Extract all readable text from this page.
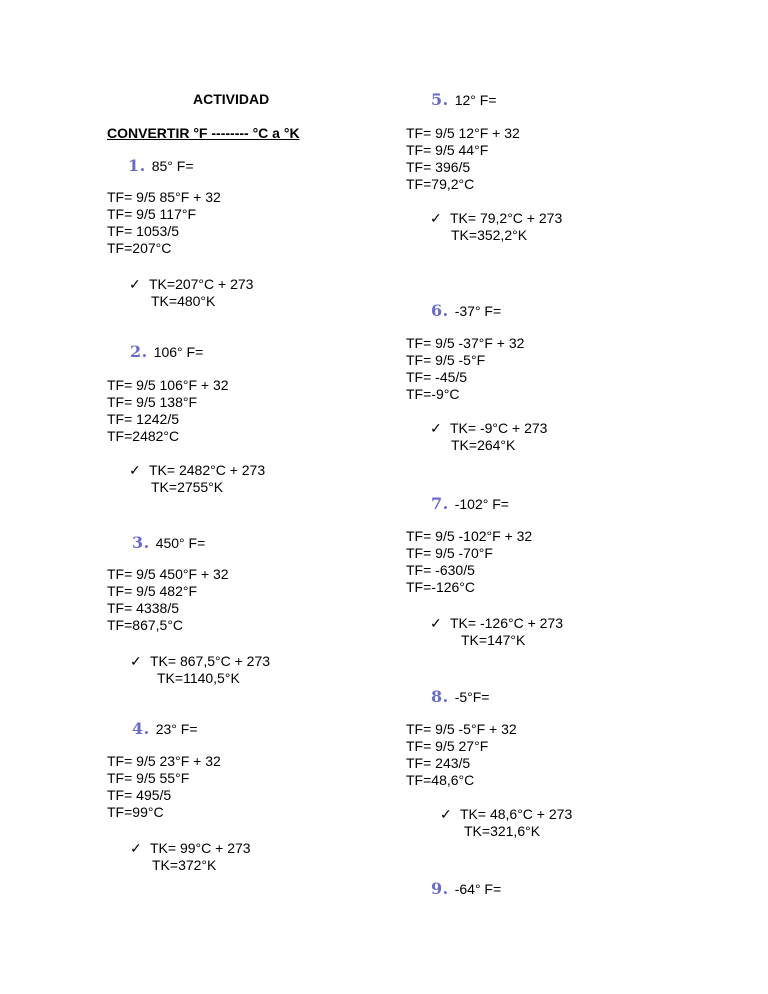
ACTIVIDAD
CONVERTIR °F -------- °C a °K
1. 85° F=
TF= 9/5 85°F + 32
TF= 9/5 117°F
TF= 1053/5
TF=207°C
✓ TK=207°C + 273
TK=480°K
2. 106° F=
TF= 9/5 106°F + 32
TF= 9/5 138°F
TF= 1242/5
TF=2482°C
✓ TK= 2482°C + 273
TK=2755°K
3. 450° F=
TF= 9/5 450°F + 32
TF= 9/5 482°F
TF= 4338/5
TF=867,5°C
✓ TK= 867,5°C + 273
TK=1140,5°K
4. 23° F=
TF= 9/5 23°F + 32
TF= 9/5 55°F
TF= 495/5
TF=99°C
✓ TK= 99°C + 273
TK=372°K
5. 12° F=
TF= 9/5 12°F + 32
TF= 9/5 44°F
TF= 396/5
TF=79,2°C
✓ TK= 79,2°C + 273
TK=352,2°K
6. -37° F=
TF= 9/5 -37°F + 32
TF= 9/5 -5°F
TF= -45/5
TF=-9°C
✓ TK= -9°C + 273
TK=264°K
7. -102° F=
TF= 9/5 -102°F + 32
TF= 9/5 -70°F
TF= -630/5
TF=-126°C
✓ TK= -126°C + 273
TK=147°K
8. -5°F=
TF= 9/5 -5°F + 32
TF= 9/5 27°F
TF= 243/5
TF=48,6°C
✓ TK= 48,6°C + 273
TK=321,6°K
9. -64° F=
